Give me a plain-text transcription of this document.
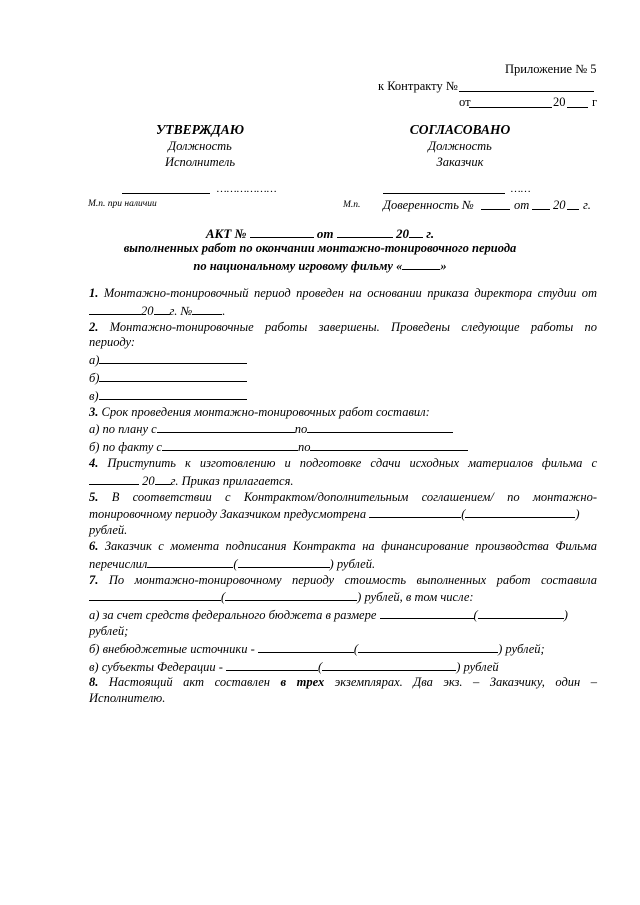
Приложение № 5
к Контракту №
от	20 г
УТВЕРЖДАЮ
Должность
Исполнитель
………………
М.п. при наличии
СОГЛАСОВАНО
Должность
Заказчик
……
М.п. Доверенность №	от 20 г.
АКТ №	от	20 г.
выполненных работ по окончании монтажно-тонировочного периода
по национальному игровому фильму «	»
1. Монтажно-тонировочный период проведен на основании приказа директора студии от
20 г. № .
2. Монтажно-тонировочные работы завершены. Проведены следующие работы по
периоду:
а)
б)
в)
3. Срок проведения монтажно-тонировочных работ составил:
а) по плану с	по
б) по факту с	по
4. Приступить к изготовлению и подготовке сдачи исходных материалов фильма с
20 г. Приказ прилагается.
5. В соответствии с Контрактом/дополнительным соглашением/ по монтажно-
тонировочному периоду Заказчиком предусмотрена	(	)
рублей.
6. Заказчик с момента подписания Контракта на финансирование производства Фильма
перечислил	(	) рублей.
7. По монтажно-тонировочному периоду стоимость выполненных работ составила
(	) рублей, в том числе:
а) за счет средств федерального бюджета в размере	(	)
рублей;
б) внебюджетные источники -	(	) рублей;
в) субъекты Федерации -	(	) рублей
8. Настоящий акт составлен в трех экземплярах. Два экз. – Заказчику, один –
Исполнителю.
